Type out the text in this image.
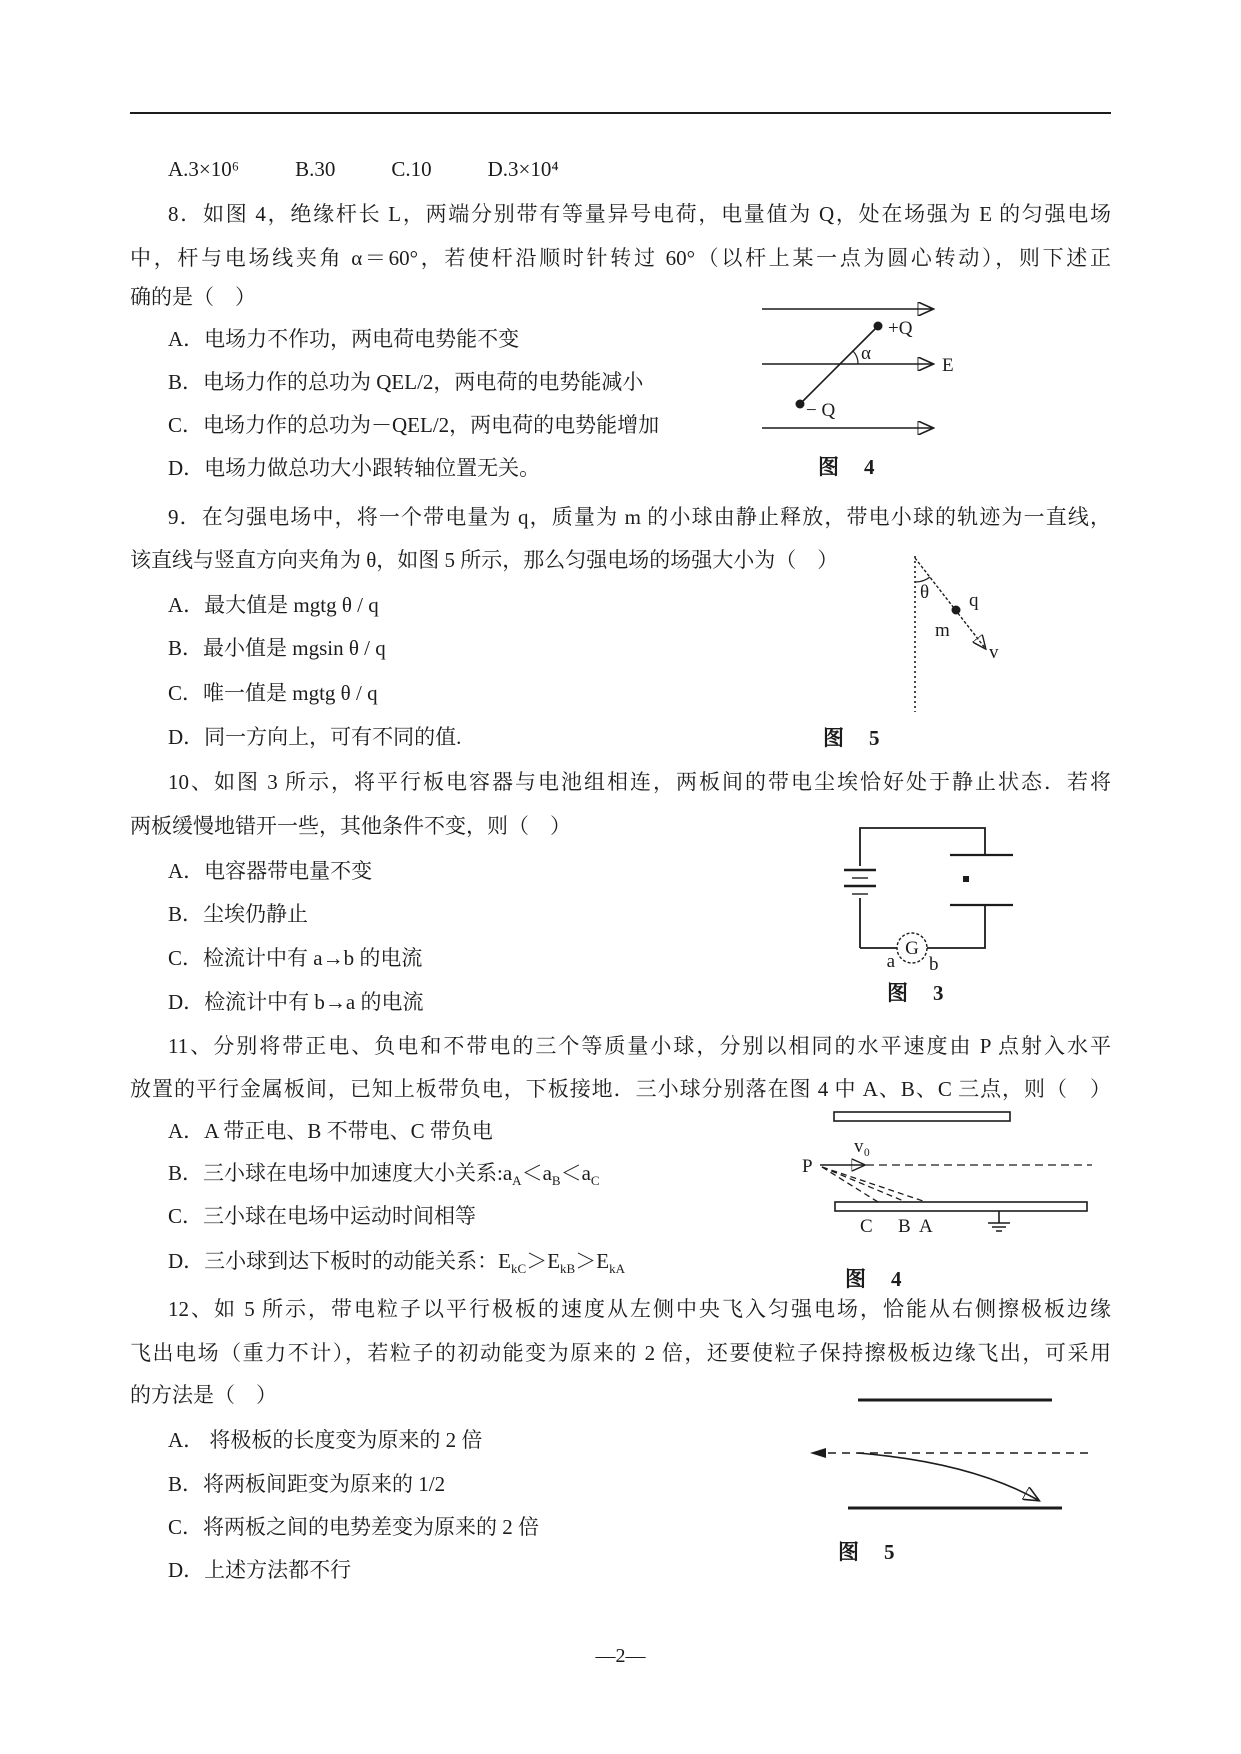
A.3×10⁶	B.30	C.10	D.3×10⁴
8．如图 4，绝缘杆长 L，两端分别带有等量异号电荷，电量值为 Q，处在场强为 E 的匀强电场
中，杆与电场线夹角 α＝60°，若使杆沿顺时针转过 60°（以杆上某一点为圆心转动），则下述正
确的是（　）
A．电场力不作功，两电荷电势能不变
B．电场力作的总功为 QEL/2，两电荷的电势能减小
C．电场力作的总功为－QEL/2，两电荷的电势能增加
D．电场力做总功大小跟转轴位置无关。
+Q
− Q
α
E
图　4
9．在匀强电场中，将一个带电量为 q，质量为 m 的小球由静止释放，带电小球的轨迹为一直线，
该直线与竖直方向夹角为 θ，如图 5 所示，那么匀强电场的场强大小为（　）
A．最大值是 mgtg θ / q
B．最小值是 mgsin θ / q
C．唯一值是 mgtg θ / q
D．同一方向上，可有不同的值.
θ q
m
v
图　5
10、如图 3 所示，将平行板电容器与电池组相连，两板间的带电尘埃恰好处于静止状态．若将
两板缓慢地错开一些，其他条件不变，则（　）
A．电容器带电量不变
B．尘埃仍静止
C．检流计中有 a→b 的电流
D．检流计中有 b→a 的电流
G
a b
图　3
11、分别将带正电、负电和不带电的三个等质量小球，分别以相同的水平速度由 P 点射入水平
放置的平行金属板间，已知上板带负电，下板接地．三小球分别落在图 4 中 A、B、C 三点，则（　）
A．A 带正电、B 不带电、C 带负电
B．三小球在电场中加速度大小关系$:a_A<a_B<a_C$
C．三小球在电场中运动时间相等
D．三小球到达下板时的动能关系：$E_{kC}>E_{kB}>E_{kA}$
P
v₀
C B A
图　4
12、如 5 所示，带电粒子以平行极板的速度从左侧中央飞入匀强电场，恰能从右侧擦极板边缘
飞出电场（重力不计），若粒子的初动能变为原来的 2 倍，还要使粒子保持擦极板边缘飞出，可采用
的方法是（　）
A． 将极板的长度变为原来的 2 倍
B．将两板间距变为原来的 1/2
C．将两板之间的电势差变为原来的 2 倍
D．上述方法都不行
图　5
—2—
